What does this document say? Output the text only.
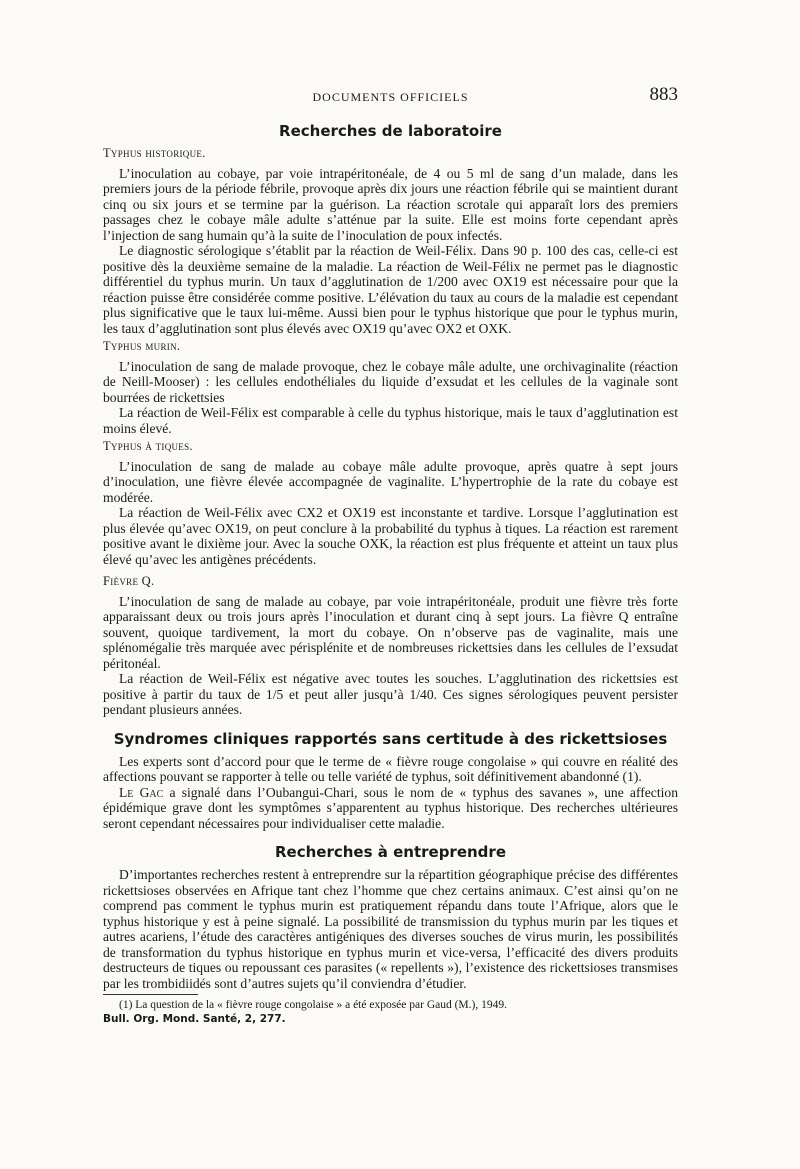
DOCUMENTS OFFICIELS	883
Recherches de laboratoire
Typhus historique.

L’inoculation au cobaye, par voie intrapéritonéale, de 4 ou 5 ml de sang d’un malade, dans les premiers jours de la période fébrile, provoque après dix jours une réaction fébrile qui se maintient durant cinq ou six jours et se termine par la guérison. La réaction scrotale qui apparaît lors des premiers passages chez le cobaye mâle adulte s’atténue par la suite. Elle est moins forte cependant après l’injection de sang humain qu’à la suite de l’inoculation de poux infectés.

Le diagnostic sérologique s’établit par la réaction de Weil-Félix. Dans 90 p. 100 des cas, celle-ci est positive dès la deuxième semaine de la maladie. La réaction de Weil-Félix ne permet pas le diagnostic différentiel du typhus murin. Un taux d’agglutination de 1/200 avec OX19 est nécessaire pour que la réaction puisse être considérée comme positive. L’élévation du taux au cours de la maladie est cependant plus significative que le taux lui-même. Aussi bien pour le typhus historique que pour le typhus murin, les taux d’agglutination sont plus élevés avec OX19 qu’avec OX2 et OXK.

Typhus murin.

L’inoculation de sang de malade provoque, chez le cobaye mâle adulte, une orchivaginalite (réaction de Neill-Mooser) : les cellules endothéliales du liquide d’exsudat et les cellules de la vaginale sont bourrées de rickettsies

La réaction de Weil-Félix est comparable à celle du typhus historique, mais le taux d’agglutination est moins élevé.

Typhus à tiques.

L’inoculation de sang de malade au cobaye mâle adulte provoque, après quatre à sept jours d’inoculation, une fièvre élevée accompagnée de vaginalite. L’hypertrophie de la rate du cobaye est modérée.

La réaction de Weil-Félix avec CX2 et OX19 est inconstante et tardive. Lorsque l’agglutination est plus élevée qu’avec OX19, on peut conclure à la probabilité du typhus à tiques. La réaction est rarement positive avant le dixième jour. Avec la souche OXK, la réaction est plus fréquente et atteint un taux plus élevé qu’avec les antigènes précédents.

Fièvre Q.

L’inoculation de sang de malade au cobaye, par voie intrapéritonéale, produit une fièvre très forte apparaissant deux ou trois jours après l’inoculation et durant cinq à sept jours. La fièvre Q entraîne souvent, quoique tardivement, la mort du cobaye. On n’observe pas de vaginalite, mais une splénomégalie très marquée avec périsplénite et de nombreuses rickettsies dans les cellules de l’exsudat péritonéal.

La réaction de Weil-Félix est négative avec toutes les souches. L’agglutination des rickettsies est positive à partir du taux de 1/5 et peut aller jusqu’à 1/40. Ces signes sérologiques peuvent persister pendant plusieurs années.

Syndromes cliniques rapportés sans certitude à des rickettsioses

Les experts sont d’accord pour que le terme de « fièvre rouge congolaise » qui couvre en réalité des affections pouvant se rapporter à telle ou telle variété de typhus, soit définitivement abandonné (1).

Le Gac a signalé dans l’Oubangui-Chari, sous le nom de « typhus des savanes », une affection épidémique grave dont les symptômes s’apparentent au typhus historique. Des recherches ultérieures seront cependant nécessaires pour individualiser cette maladie.

Recherches à entreprendre

D’importantes recherches restent à entreprendre sur la répartition géographique précise des différentes rickettsioses observées en Afrique tant chez l’homme que chez certains animaux. C’est ainsi qu’on ne comprend pas comment le typhus murin est pratiquement répandu dans toute l’Afrique, alors que le typhus historique y est à peine signalé. La possibilité de transmission du typhus murin par les tiques et autres acariens, l’étude des caractères antigéniques des diverses souches de virus murin, les possibilités de transformation du typhus historique en typhus murin et vice-versa, l’efficacité des divers produits destructeurs de tiques ou repoussant ces parasites (« repellents »), l’existence des rickettsioses transmises par les trombidiidés sont d’autres sujets qu’il conviendra d’étudier.

(1) La question de la « fièvre rouge congolaise » a été exposée par Gaud (M.), 1949.
Bull. Org. Mond. Santé, 2, 277.
